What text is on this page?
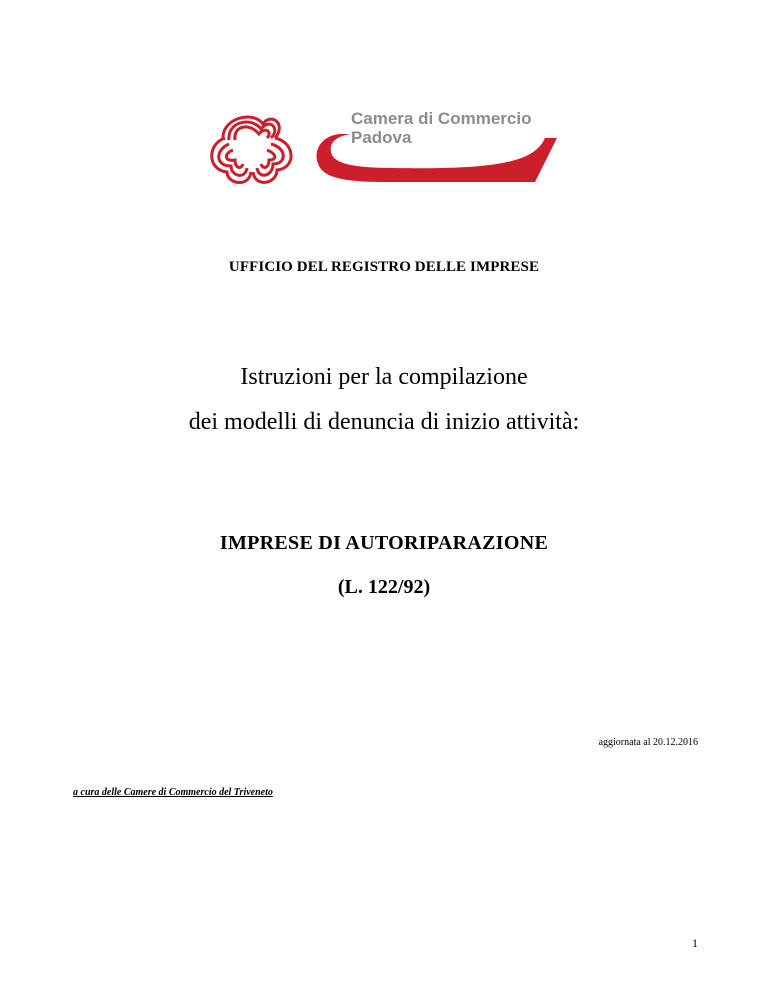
Camera di Commercio
Padova
UFFICIO DEL REGISTRO DELLE IMPRESE
Istruzioni per la compilazione
dei modelli di denuncia di inizio attività:
IMPRESE DI AUTORIPARAZIONE
(L. 122/92)
aggiornata al 20.12.2016
a cura delle Camere di Commercio del Triveneto
1
